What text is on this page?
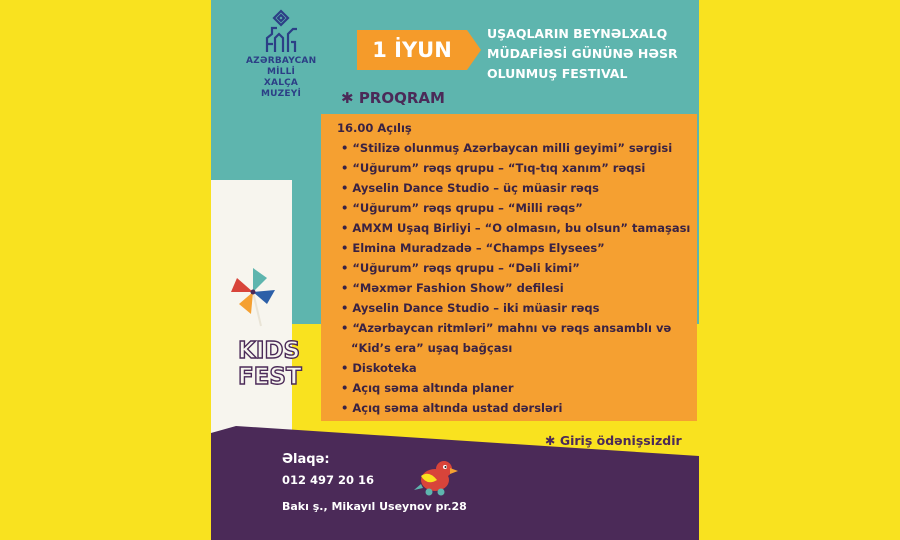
AZƏRBAYCAN MİLLİ
XALÇA MUZEYİ
1 İYUN
UŞAQLARIN BEYNƏLXALQ
MÜDAFİƏSİ GÜNÜNƏ HƏSR
OLUNMUŞ FESTIVAL
✱ PROQRAM
16.00 Açılış
• “Stilizə olunmuş Azərbaycan milli geyimi” sərgisi
• “Uğurum” rəqs qrupu – “Tıq-tıq xanım” rəqsi
• Ayselin Dance Studio – üç müasir rəqs
• “Uğurum” rəqs qrupu – “Milli rəqs”
• AMXM Uşaq Birliyi – “O olmasın, bu olsun” tamaşası
• Elmina Muradzadə – “Champs Elysees”
• “Uğurum” rəqs qrupu – “Dəli kimi”
• “Məxmər Fashion Show” defilesi
• Ayselin Dance Studio – iki müasir rəqs
• “Azərbaycan ritmləri” mahnı və rəqs ansamblı və “Kid’s era” uşaq bağçası
• Diskoteka
• Açıq səma altında planer
• Açıq səma altında ustad dərsləri
KIDS
FEST
✱ Giriş ödənişsizdir
Əlaqə:
012 497 20 16
Bakı ş., Mikayıl Useynov pr.28
